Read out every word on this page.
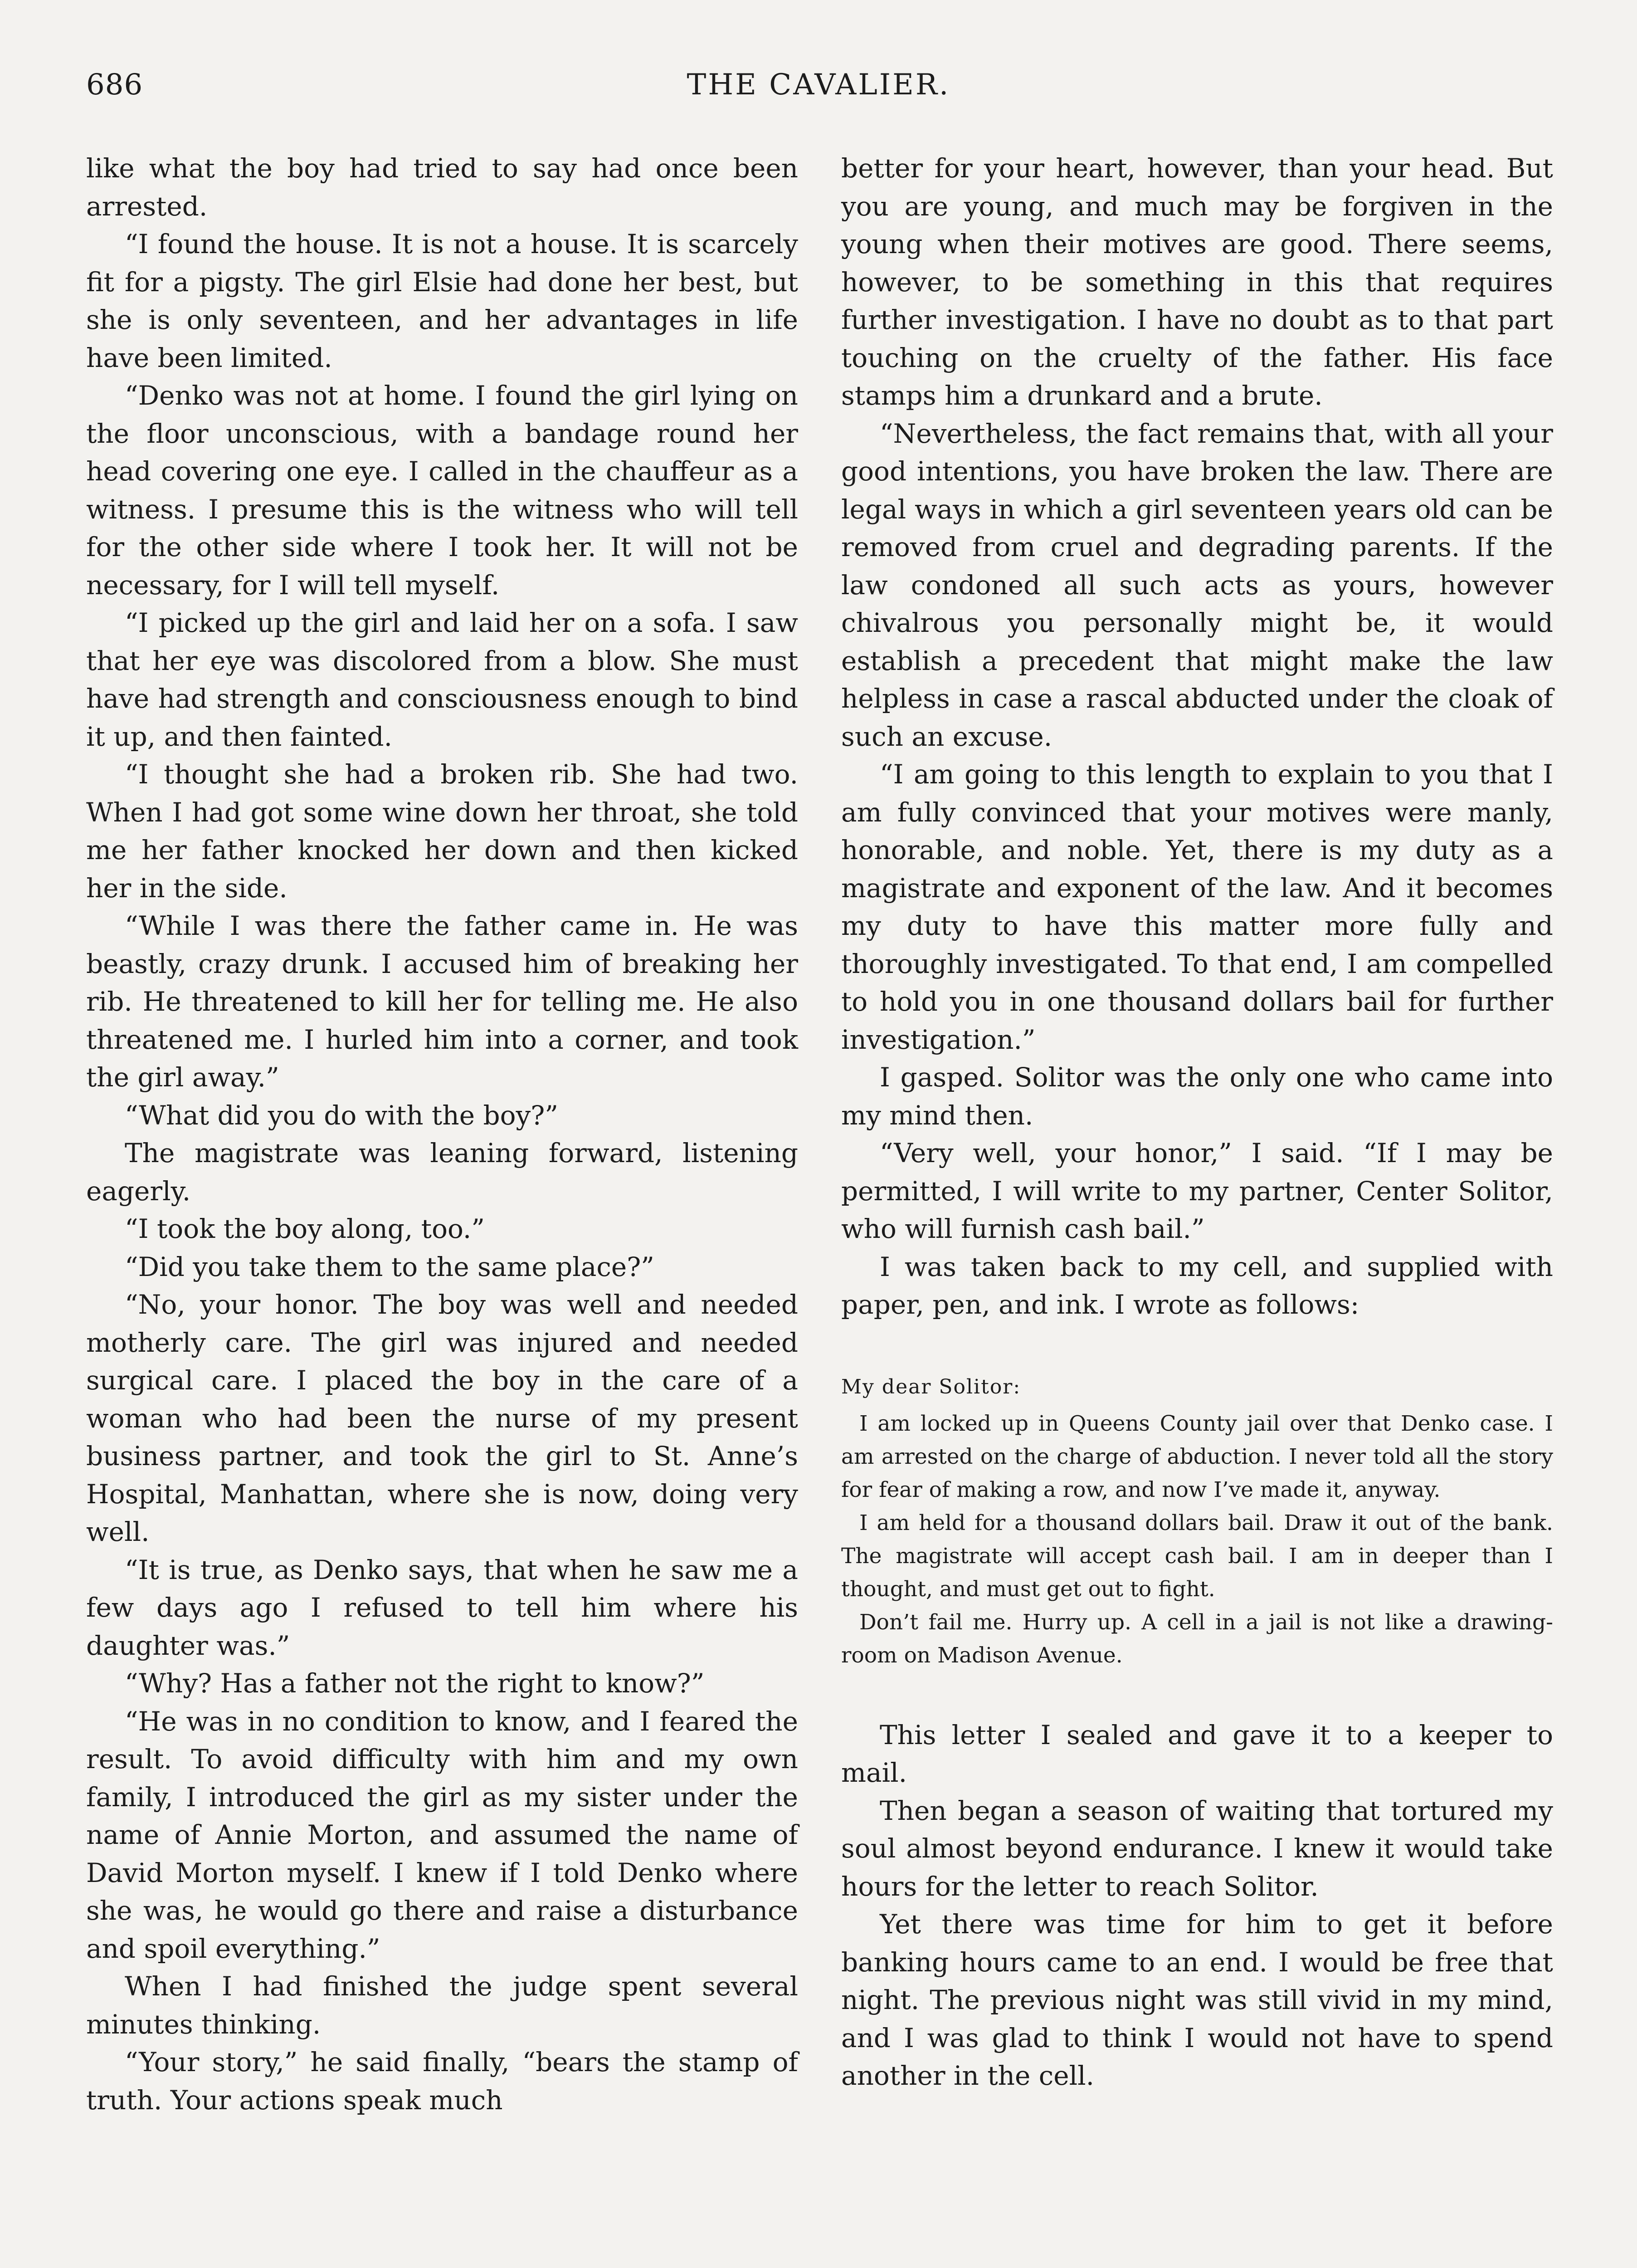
THE CAVALIER.
686

like what the boy had tried to say had once been arrested.

“I found the house. It is not a house. It is scarcely fit for a pigsty. The girl Elsie had done her best, but she is only seventeen, and her advantages in life have been limited.

“Denko was not at home. I found the girl lying on the floor unconscious, with a bandage round her head covering one eye. I called in the chauffeur as a witness. I presume this is the witness who will tell for the other side where I took her. It will not be necessary, for I will tell myself.

“I picked up the girl and laid her on a sofa. I saw that her eye was discolored from a blow. She must have had strength and consciousness enough to bind it up, and then fainted.

“I thought she had a broken rib. She had two. When I had got some wine down her throat, she told me her father knocked her down and then kicked her in the side.

“While I was there the father came in. He was beastly, crazy drunk. I accused him of breaking her rib. He threatened to kill her for telling me. He also threatened me. I hurled him into a corner, and took the girl away.”

“What did you do with the boy?”

The magistrate was leaning forward, listening eagerly.

“I took the boy along, too.”

“Did you take them to the same place?”

“No, your honor. The boy was well and needed motherly care. The girl was injured and needed surgical care. I placed the boy in the care of a woman who had been the nurse of my present business partner, and took the girl to St. Anne’s Hospital, Manhattan, where she is now, doing very well.

“It is true, as Denko says, that when he saw me a few days ago I refused to tell him where his daughter was.”

“Why? Has a father not the right to know?”

“He was in no condition to know, and I feared the result. To avoid difficulty with him and my own family, I introduced the girl as my sister under the name of Annie Morton, and assumed the name of David Morton myself. I knew if I told Denko where she was, he would go there and raise a disturbance and spoil everything.”

When I had finished the judge spent several minutes thinking.

“Your story,” he said finally, “bears the stamp of truth. Your actions speak much

better for your heart, however, than your head. But you are young, and much may be forgiven in the young when their motives are good. There seems, however, to be something in this that requires further investigation. I have no doubt as to that part touching on the cruelty of the father. His face stamps him a drunkard and a brute.

“Nevertheless, the fact remains that, with all your good intentions, you have broken the law. There are legal ways in which a girl seventeen years old can be removed from cruel and degrading parents. If the law condoned all such acts as yours, however chivalrous you personally might be, it would establish a precedent that might make the law helpless in case a rascal abducted under the cloak of such an excuse.

“I am going to this length to explain to you that I am fully convinced that your motives were manly, honorable, and noble. Yet, there is my duty as a magistrate and exponent of the law. And it becomes my duty to have this matter more fully and thoroughly investigated. To that end, I am compelled to hold you in one thousand dollars bail for further investigation.”

I gasped. Solitor was the only one who came into my mind then.

“Very well, your honor,” I said. “If I may be permitted, I will write to my partner, Center Solitor, who will furnish cash bail.”

I was taken back to my cell, and supplied with paper, pen, and ink. I wrote as follows:

My dear Solitor:

I am locked up in Queens County jail over that Denko case. I am arrested on the charge of abduction. I never told all the story for fear of making a row, and now I’ve made it, anyway.

I am held for a thousand dollars bail. Draw it out of the bank. The magistrate will accept cash bail. I am in deeper than I thought, and must get out to fight.

Don’t fail me. Hurry up. A cell in a jail is not like a drawing-room on Madison Avenue.

This letter I sealed and gave it to a keeper to mail.

Then began a season of waiting that tortured my soul almost beyond endurance. I knew it would take hours for the letter to reach Solitor.

Yet there was time for him to get it before banking hours came to an end. I would be free that night. The previous night was still vivid in my mind, and I was glad to think I would not have to spend another in the cell.
